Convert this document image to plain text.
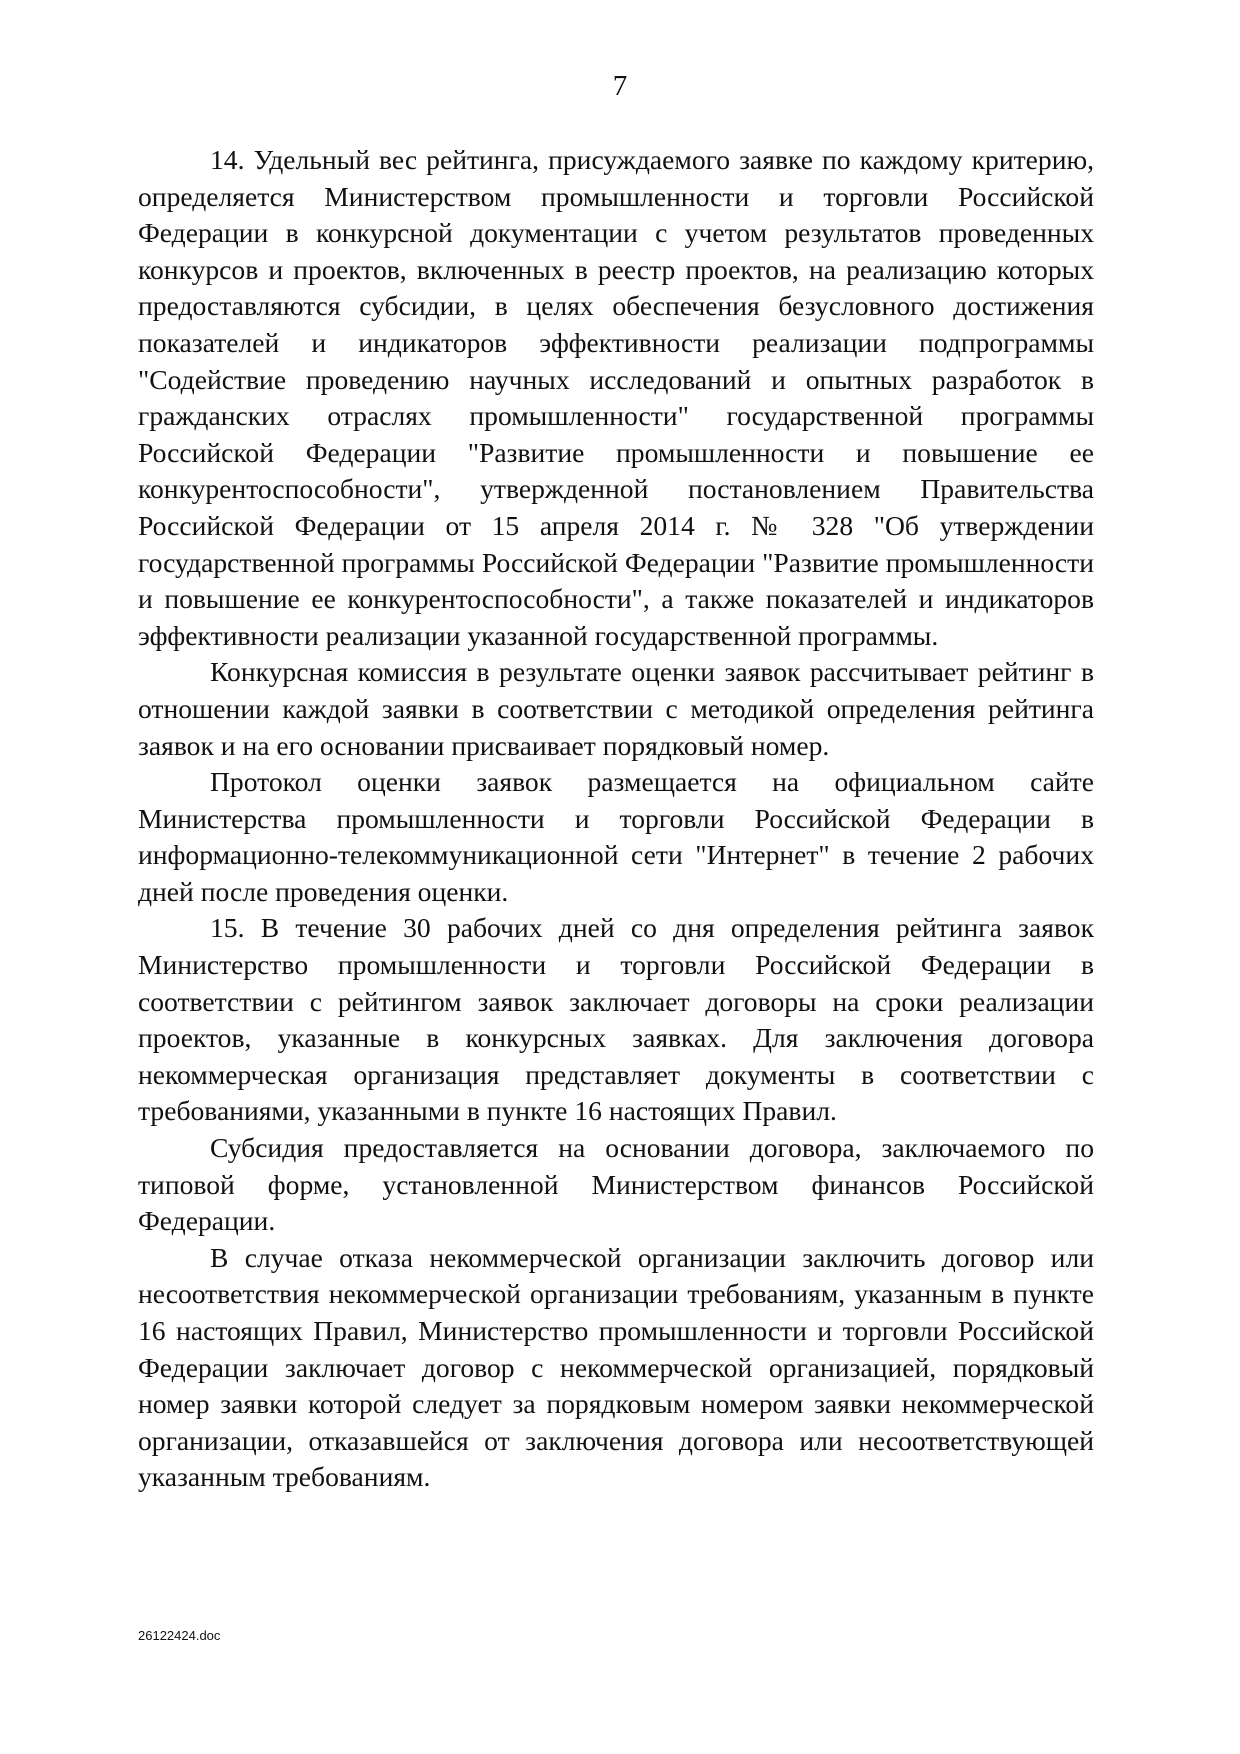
7

14. Удельный вес рейтинга, присуждаемого заявке по каждому критерию, определяется Министерством промышленности и торговли Российской Федерации в конкурсной документации с учетом результатов проведенных конкурсов и проектов, включенных в реестр проектов, на реализацию которых предоставляются субсидии, в целях обеспечения безусловного достижения показателей и индикаторов эффективности реализации подпрограммы "Содействие проведению научных исследований и опытных разработок в гражданских отраслях промышленности" государственной программы Российской Федерации "Развитие промышленности и повышение ее конкурентоспособности", утвержденной постановлением Правительства Российской Федерации от 15 апреля 2014 г. № 328 "Об утверждении государственной программы Российской Федерации "Развитие промышленности и повышение ее конкурентоспособности", а также показателей и индикаторов эффективности реализации указанной государственной программы.

Конкурсная комиссия в результате оценки заявок рассчитывает рейтинг в отношении каждой заявки в соответствии с методикой определения рейтинга заявок и на его основании присваивает порядковый номер.

Протокол оценки заявок размещается на официальном сайте Министерства промышленности и торговли Российской Федерации в информационно-телекоммуникационной сети "Интернет" в течение 2 рабочих дней после проведения оценки.

15. В течение 30 рабочих дней со дня определения рейтинга заявок Министерство промышленности и торговли Российской Федерации в соответствии с рейтингом заявок заключает договоры на сроки реализации проектов, указанные в конкурсных заявках. Для заключения договора некоммерческая организация представляет документы в соответствии с требованиями, указанными в пункте 16 настоящих Правил.

Субсидия предоставляется на основании договора, заключаемого по типовой форме, установленной Министерством финансов Российской Федерации.

В случае отказа некоммерческой организации заключить договор или несоответствия некоммерческой организации требованиям, указанным в пункте 16 настоящих Правил, Министерство промышленности и торговли Российской Федерации заключает договор с некоммерческой организацией, порядковый номер заявки которой следует за порядковым номером заявки некоммерческой организации, отказавшейся от заключения договора или несоответствующей указанным требованиям.

26122424.doc
